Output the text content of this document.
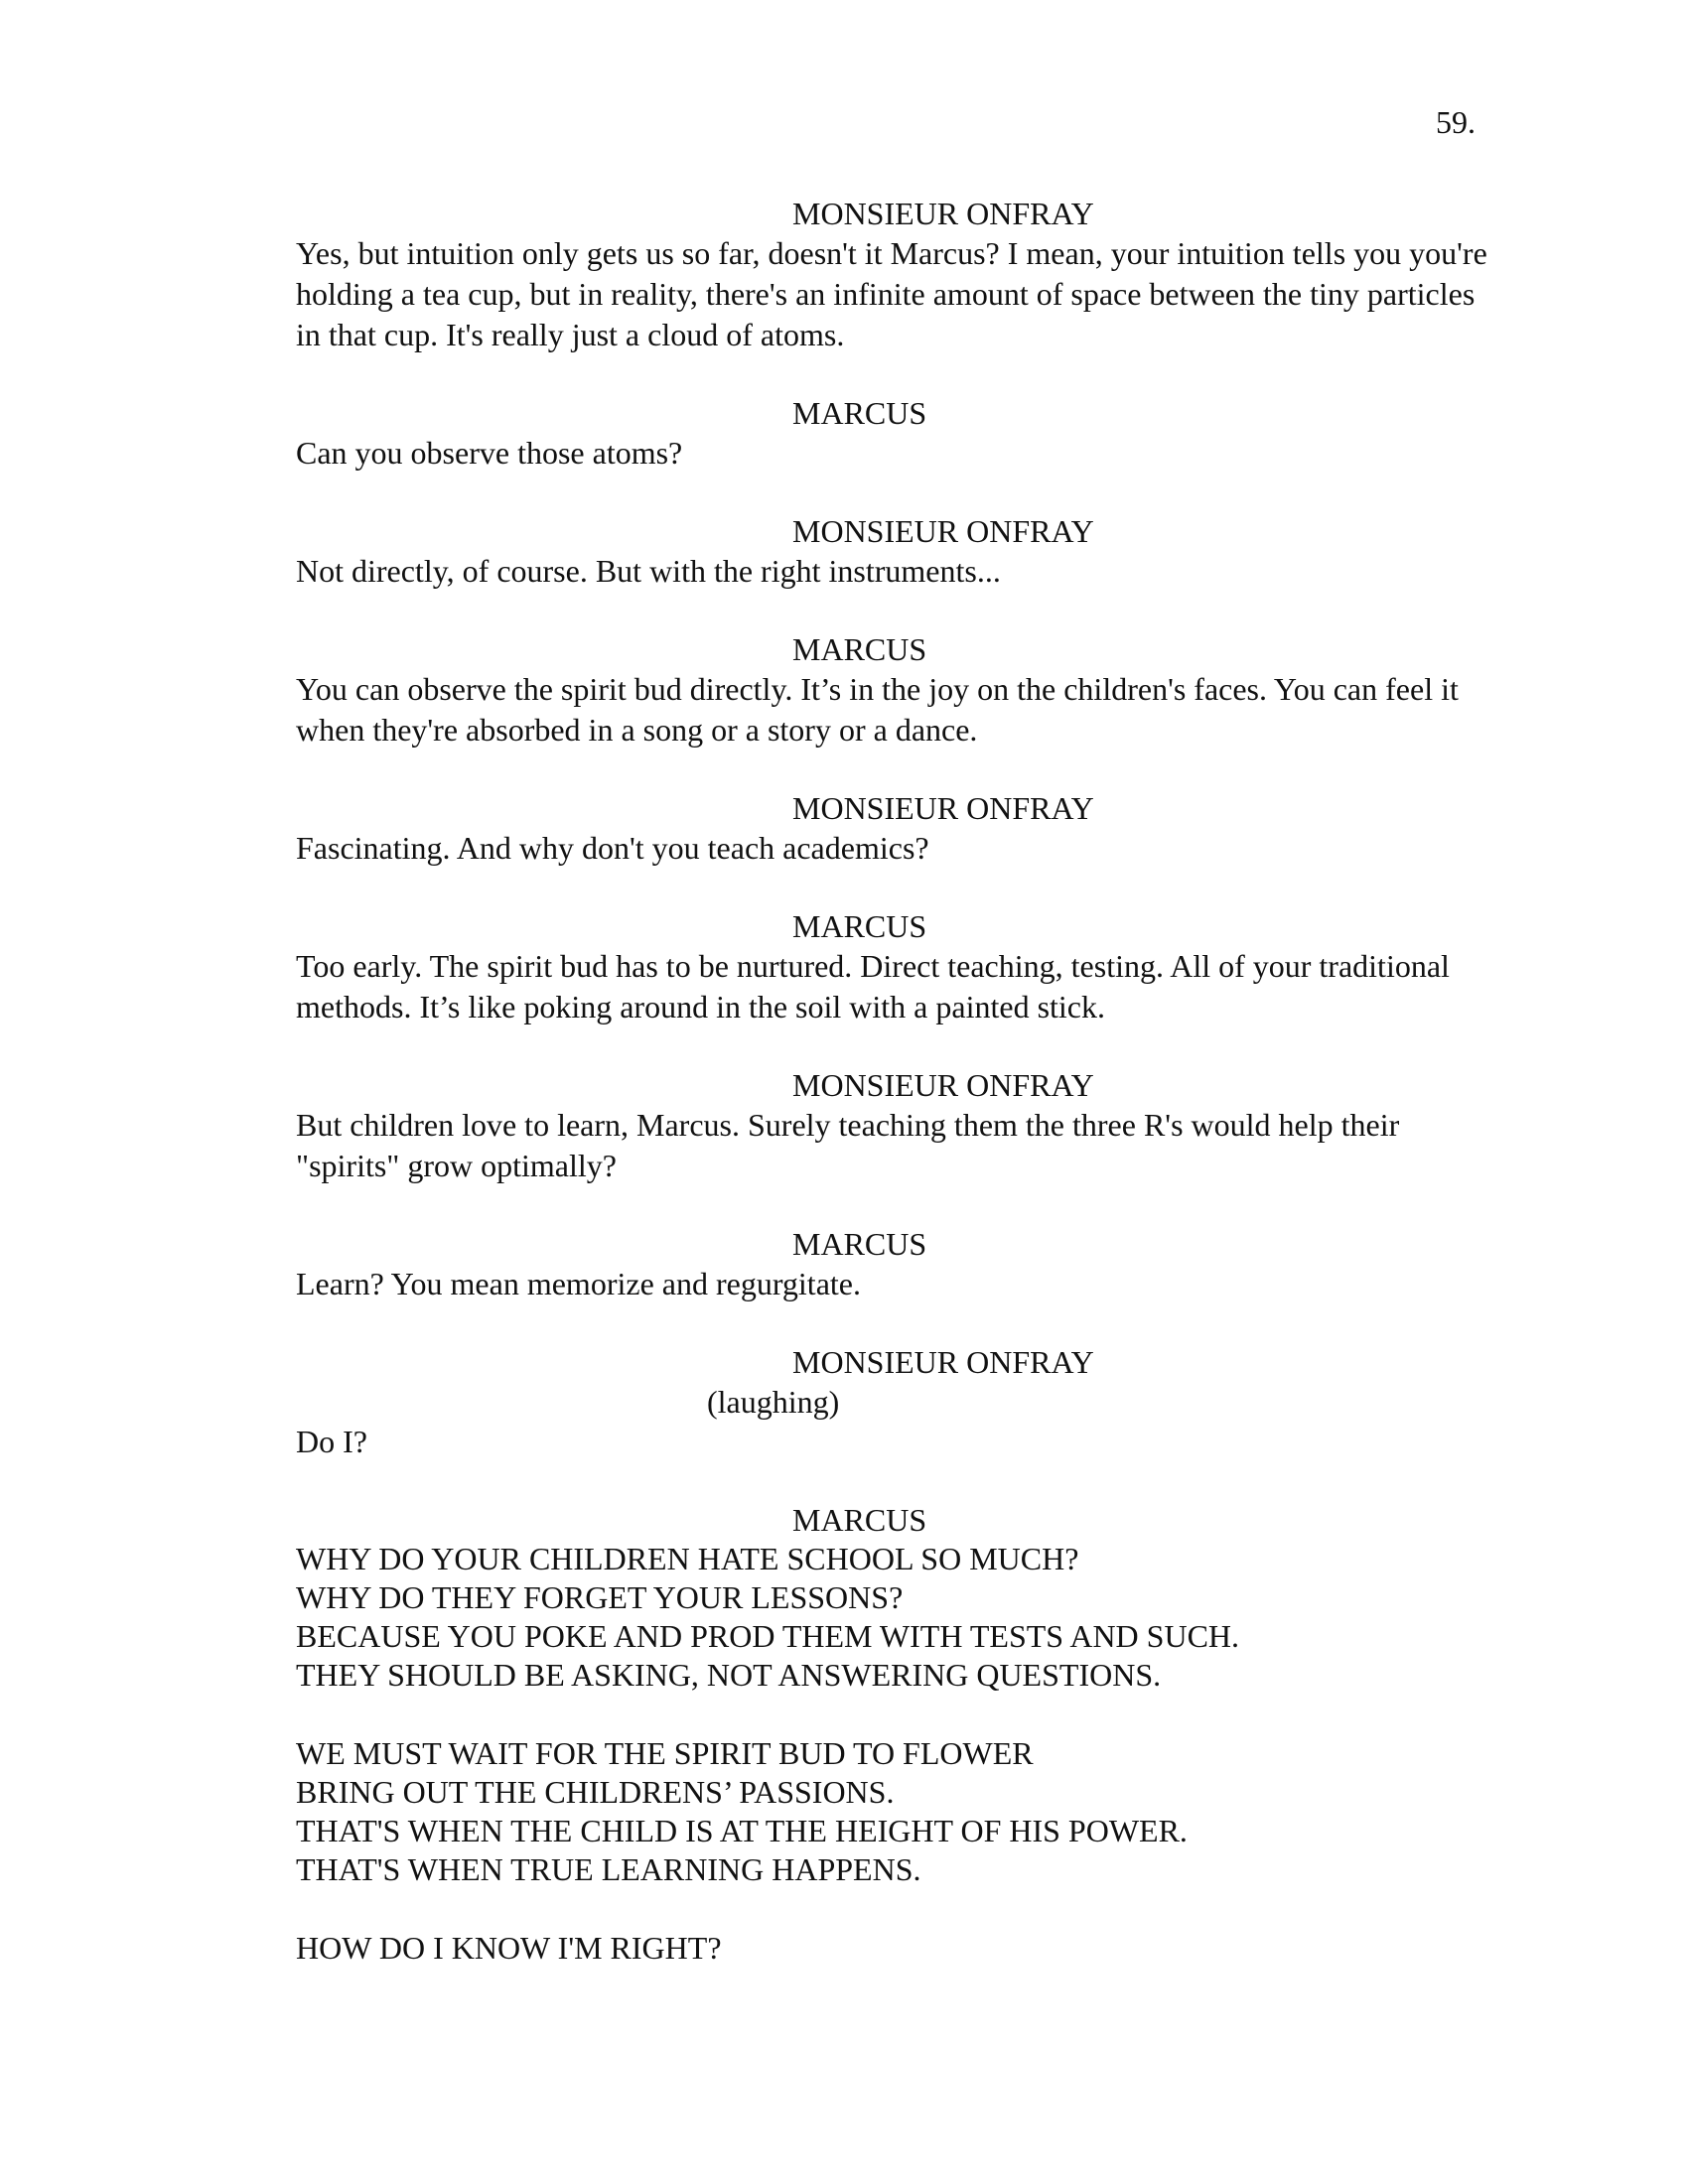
59.
MONSIEUR ONFRAY
Yes, but intuition only gets us so far, doesn't it Marcus? I mean, your intuition tells you you're holding a tea cup, but in reality, there's an infinite amount of space between the tiny particles in that cup. It's really just a cloud of atoms.
MARCUS
Can you observe those atoms?
MONSIEUR ONFRAY
Not directly, of course. But with the right instruments...
MARCUS
You can observe the spirit bud directly. It’s in the joy on the children's faces. You can feel it when they're absorbed in a song or a story or a dance.
MONSIEUR ONFRAY
Fascinating. And why don't you teach academics?
MARCUS
Too early. The spirit bud has to be nurtured. Direct teaching, testing. All of your traditional methods. It’s like poking around in the soil with a painted stick.
MONSIEUR ONFRAY
But children love to learn, Marcus. Surely teaching them the three R's would help their "spirits" grow optimally?
MARCUS
Learn? You mean memorize and regurgitate.
MONSIEUR ONFRAY
(laughing)
Do I?
MARCUS
WHY DO YOUR CHILDREN HATE SCHOOL SO MUCH?
WHY DO THEY FORGET YOUR LESSONS?
BECAUSE YOU POKE AND PROD THEM WITH TESTS AND SUCH.
THEY SHOULD BE ASKING, NOT ANSWERING QUESTIONS.
WE MUST WAIT FOR THE SPIRIT BUD TO FLOWER
BRING OUT THE CHILDRENS’ PASSIONS.
THAT'S WHEN THE CHILD IS AT THE HEIGHT OF HIS POWER.
THAT'S WHEN TRUE LEARNING HAPPENS.
HOW DO I KNOW I'M RIGHT?
